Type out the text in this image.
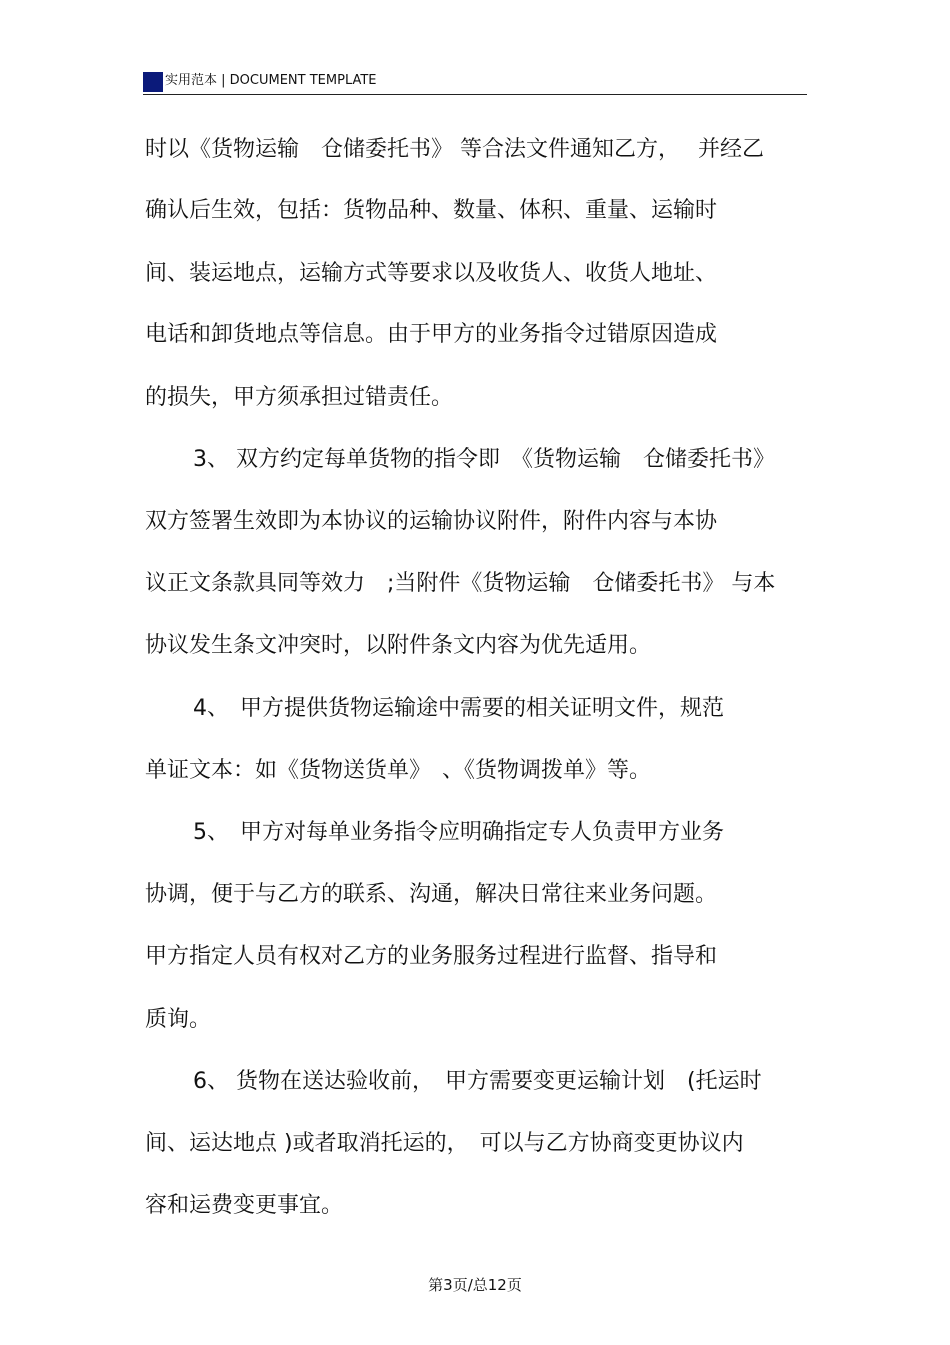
实用范本 | DOCUMENT TEMPLATE
时以《货物运输　仓储委托书》 等合法文件通知乙方，　 并经乙
确认后生效，包括：货物品种、数量、体积、重量、运输时
间、装运地点，运输方式等要求以及收货人、收货人地址、
电话和卸货地点等信息。由于甲方的业务指令过错原因造成
的损失，甲方须承担过错责任。
3、 双方约定每单货物的指令即　《货物运输　仓储委托书》
双方签署生效即为本协议的运输协议附件，附件内容与本协
议正文条款具同等效力　;当附件《货物运输　仓储委托书》 与本
协议发生条文冲突时，以附件条文内容为优先适用。
4、　甲方提供货物运输途中需要的相关证明文件，规范
单证文本：如《货物送货单》　、《货物调拨单》等。
5、　甲方对每单业务指令应明确指定专人负责甲方业务
协调，便于与乙方的联系、沟通，解决日常往来业务问题。
甲方指定人员有权对乙方的业务服务过程进行监督、指导和
质询。
6、 货物在送达验收前，　甲方需要变更运输计划　(托运时
间、运达地点 )或者取消托运的，　可以与乙方协商变更协议内
容和运费变更事宜。
第3页/总12页
